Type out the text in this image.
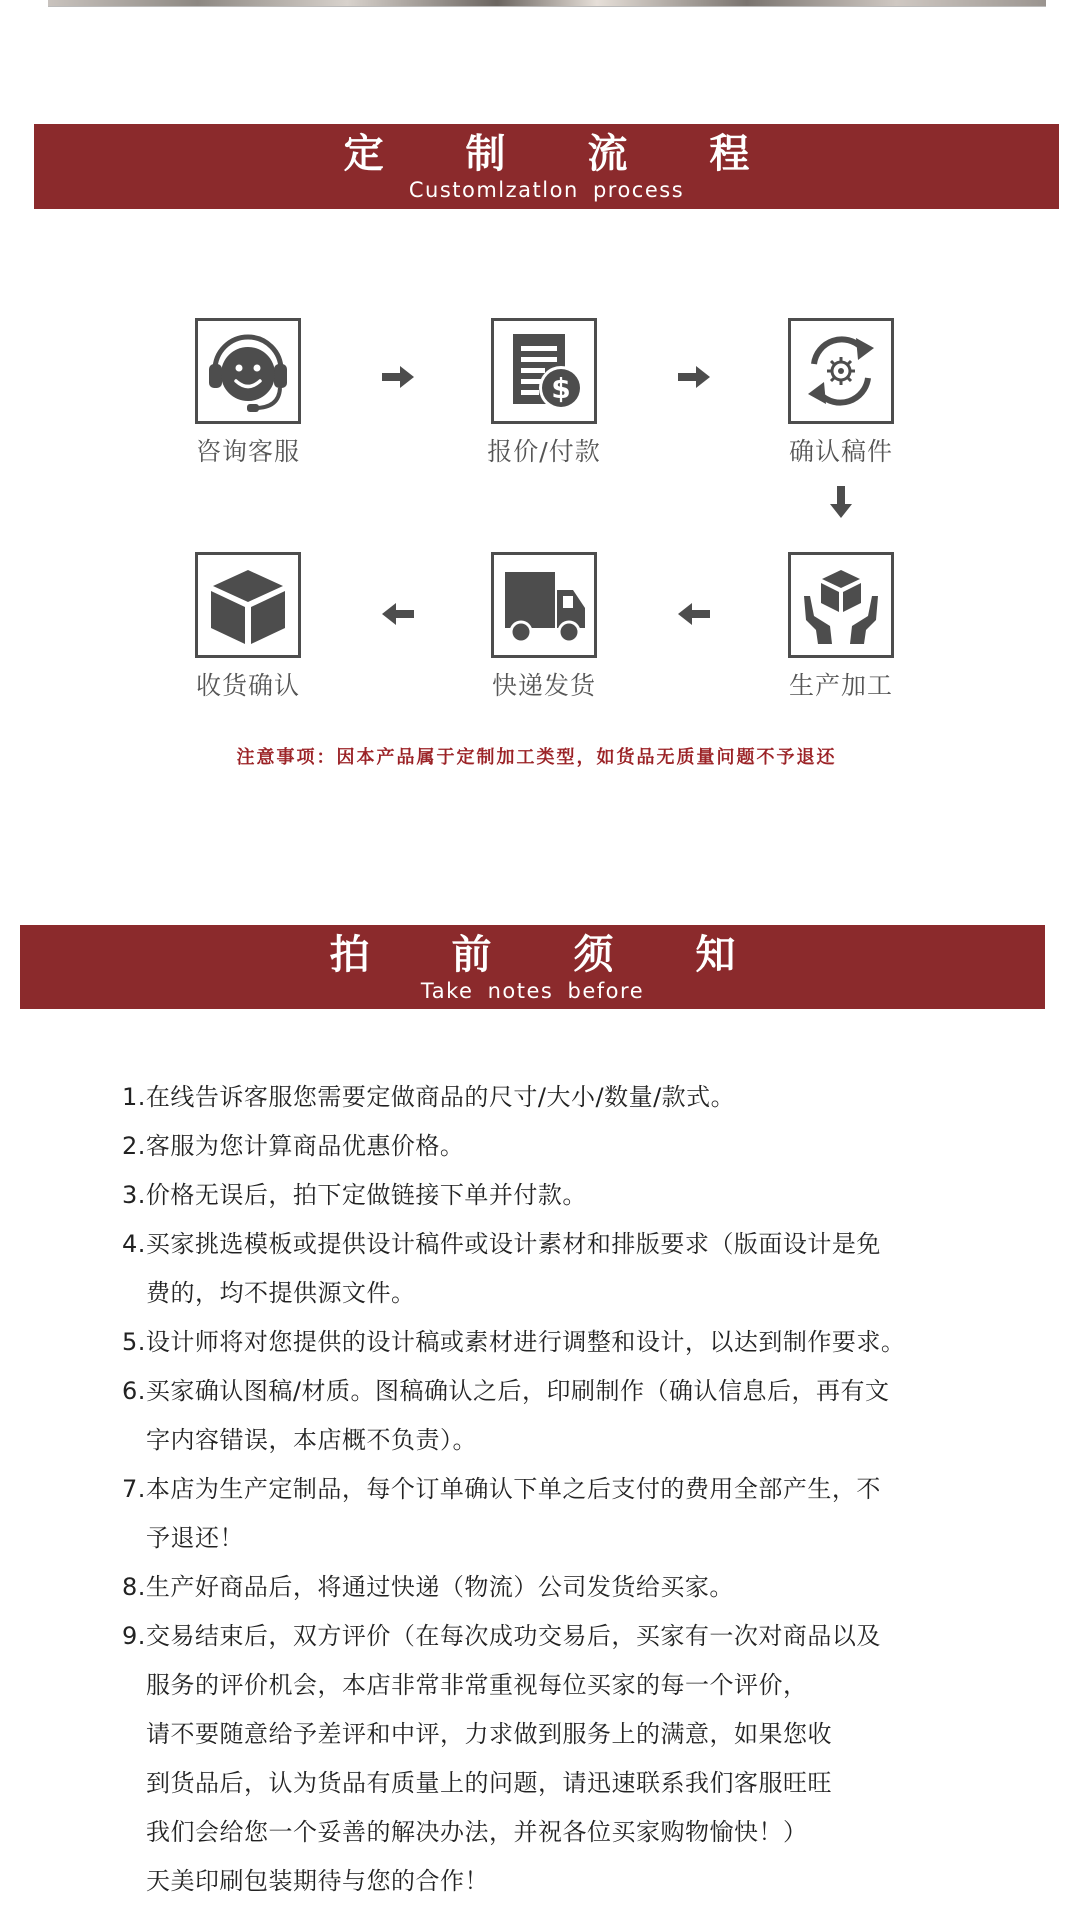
定 制 流 程
Customlzatlon process
咨询客服
$
报价/付款	确认稿件
收货确认	快递发货	生产加工
注意事项：因本产品属于定制加工类型，如货品无质量问题不予退还
拍 前 须 知
Take notes before
1.在线告诉客服您需要定做商品的尺寸/大小/数量/款式。
2.客服为您计算商品优惠价格。
3.价格无误后，拍下定做链接下单并付款。
4.买家挑选模板或提供设计稿件或设计素材和排版要求（版面设计是免
费的，均不提供源文件。
5.设计师将对您提供的设计稿或素材进行调整和设计，以达到制作要求。
6.买家确认图稿/材质。图稿确认之后，印刷制作（确认信息后，再有文
字内容错误，本店概不负责）。
7.本店为生产定制品，每个订单确认下单之后支付的费用全部产生，不
予退还！
8.生产好商品后，将通过快递（物流）公司发货给买家。
9.交易结束后，双方评价（在每次成功交易后，买家有一次对商品以及
服务的评价机会，本店非常非常重视每位买家的每一个评价，
请不要随意给予差评和中评，力求做到服务上的满意，如果您收
到货品后，认为货品有质量上的问题，请迅速联系我们客服旺旺
我们会给您一个妥善的解决办法，并祝各位买家购物愉快！）
天美印刷包装期待与您的合作！
